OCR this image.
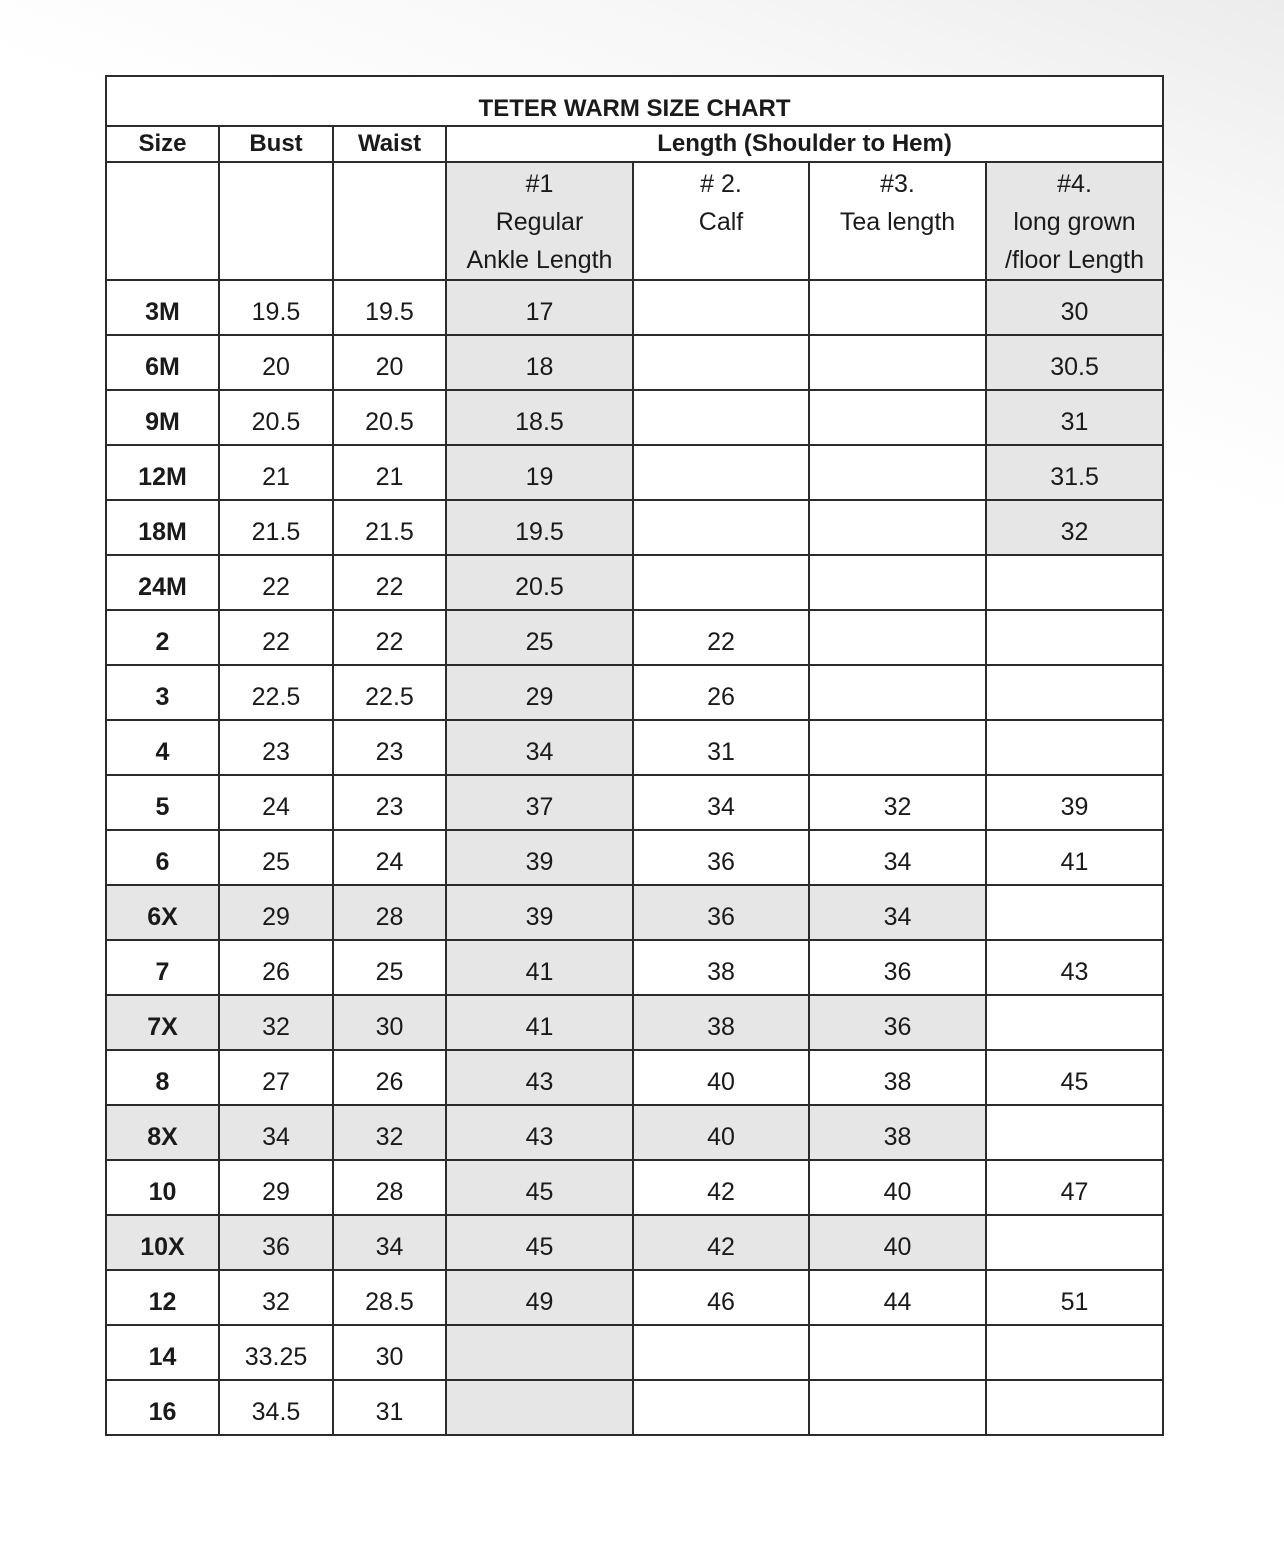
TETER WARM SIZE CHART						
Size	Bust	Waist	Length (Shoulder to Hem)			

			#1
Regular
Ankle Length	# 2.
Calf	#3.
Tea length	#4.
long grown
/floor Length

3M	19.5	19.5	17			30
6M	20	20	18			30.5
9M	20.5	20.5	18.5			31
12M	21	21	19			31.5
18M	21.5	21.5	19.5			32
24M	22	22	20.5			
2	22	22	25	22		
3	22.5	22.5	29	26		
4	23	23	34	31		
5	24	23	37	34	32	39
6	25	24	39	36	34	41
6X	29	28	39	36	34	
7	26	25	41	38	36	43
7X	32	30	41	38	36	
8	27	26	43	40	38	45
8X	34	32	43	40	38	
10	29	28	45	42	40	47
10X	36	34	45	42	40	
12	32	28.5	49	46	44	51
14	33.25	30				
16	34.5	31				
